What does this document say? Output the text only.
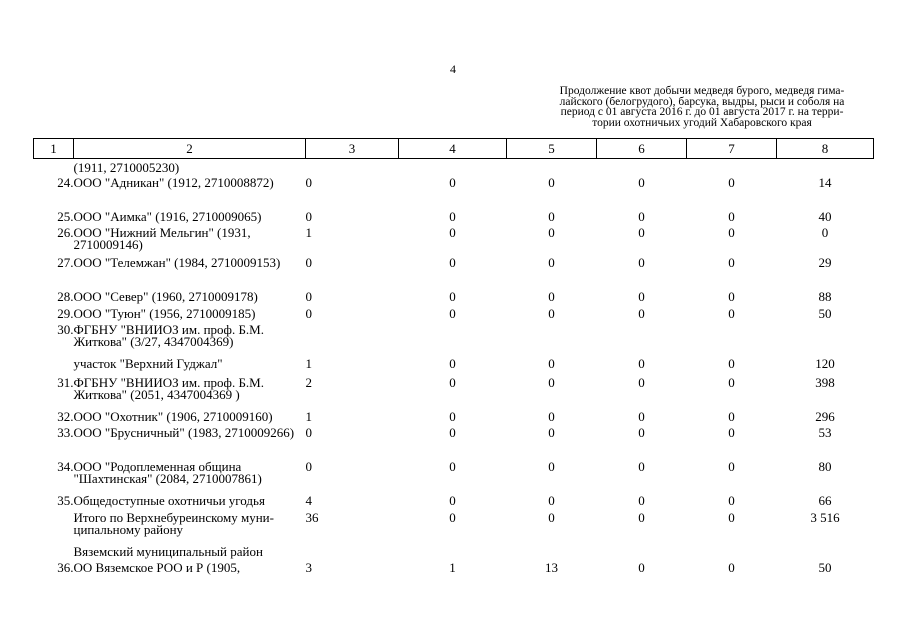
4
Продолжение квот добычи медведя бурого, медведя гима-
лайского (белогрудого), барсука, выдры, рыси и соболя на
период с 01 августа 2016 г. до 01 августа 2017 г. на терри-
тории охотничьих угодий Хабаровского края
1	2	3	4	5	6	7	8
	(1911, 2710005230)						
24.	ООО "Адникан" (1912, 2710008872)	0	0	0	0	0	14
25.	ООО "Аимка" (1916, 2710009065)	0	0	0	0	0	40
26.	ООО "Нижний Мельгин" (1931, 2710009146)	1	0	0	0	0	0
27.	ООО "Телемжан" (1984, 2710009153)	0	0	0	0	0	29
28.	ООО "Север" (1960, 2710009178)	0	0	0	0	0	88
29.	ООО "Туюн" (1956, 2710009185)	0	0	0	0	0	50
30.	ФГБНУ "ВНИИОЗ им. проф. Б.М. Житкова" (3/27, 4347004369)						
	участок "Верхний Гуджал"	1	0	0	0	0	120
31.	ФГБНУ "ВНИИОЗ им. проф. Б.М. Житкова" (2051, 4347004369 )	2	0	0	0	0	398
32.	ООО "Охотник" (1906, 2710009160)	1	0	0	0	0	296
33.	ООО "Брусничный" (1983, 2710009266)	0	0	0	0	0	53
34.	ООО "Родоплеменная община "Шахтинская" (2084, 2710007861)	0	0	0	0	0	80
35.	Общедоступные охотничьи угодья	4	0	0	0	0	66
	Итого по Верхнебуреинскому муни- ципальному району	36	0	0	0	0	3 516
	Вяземский муниципальный район						
36.	ОО Вяземское РОО и Р (1905,	3	1	13	0	0	50
